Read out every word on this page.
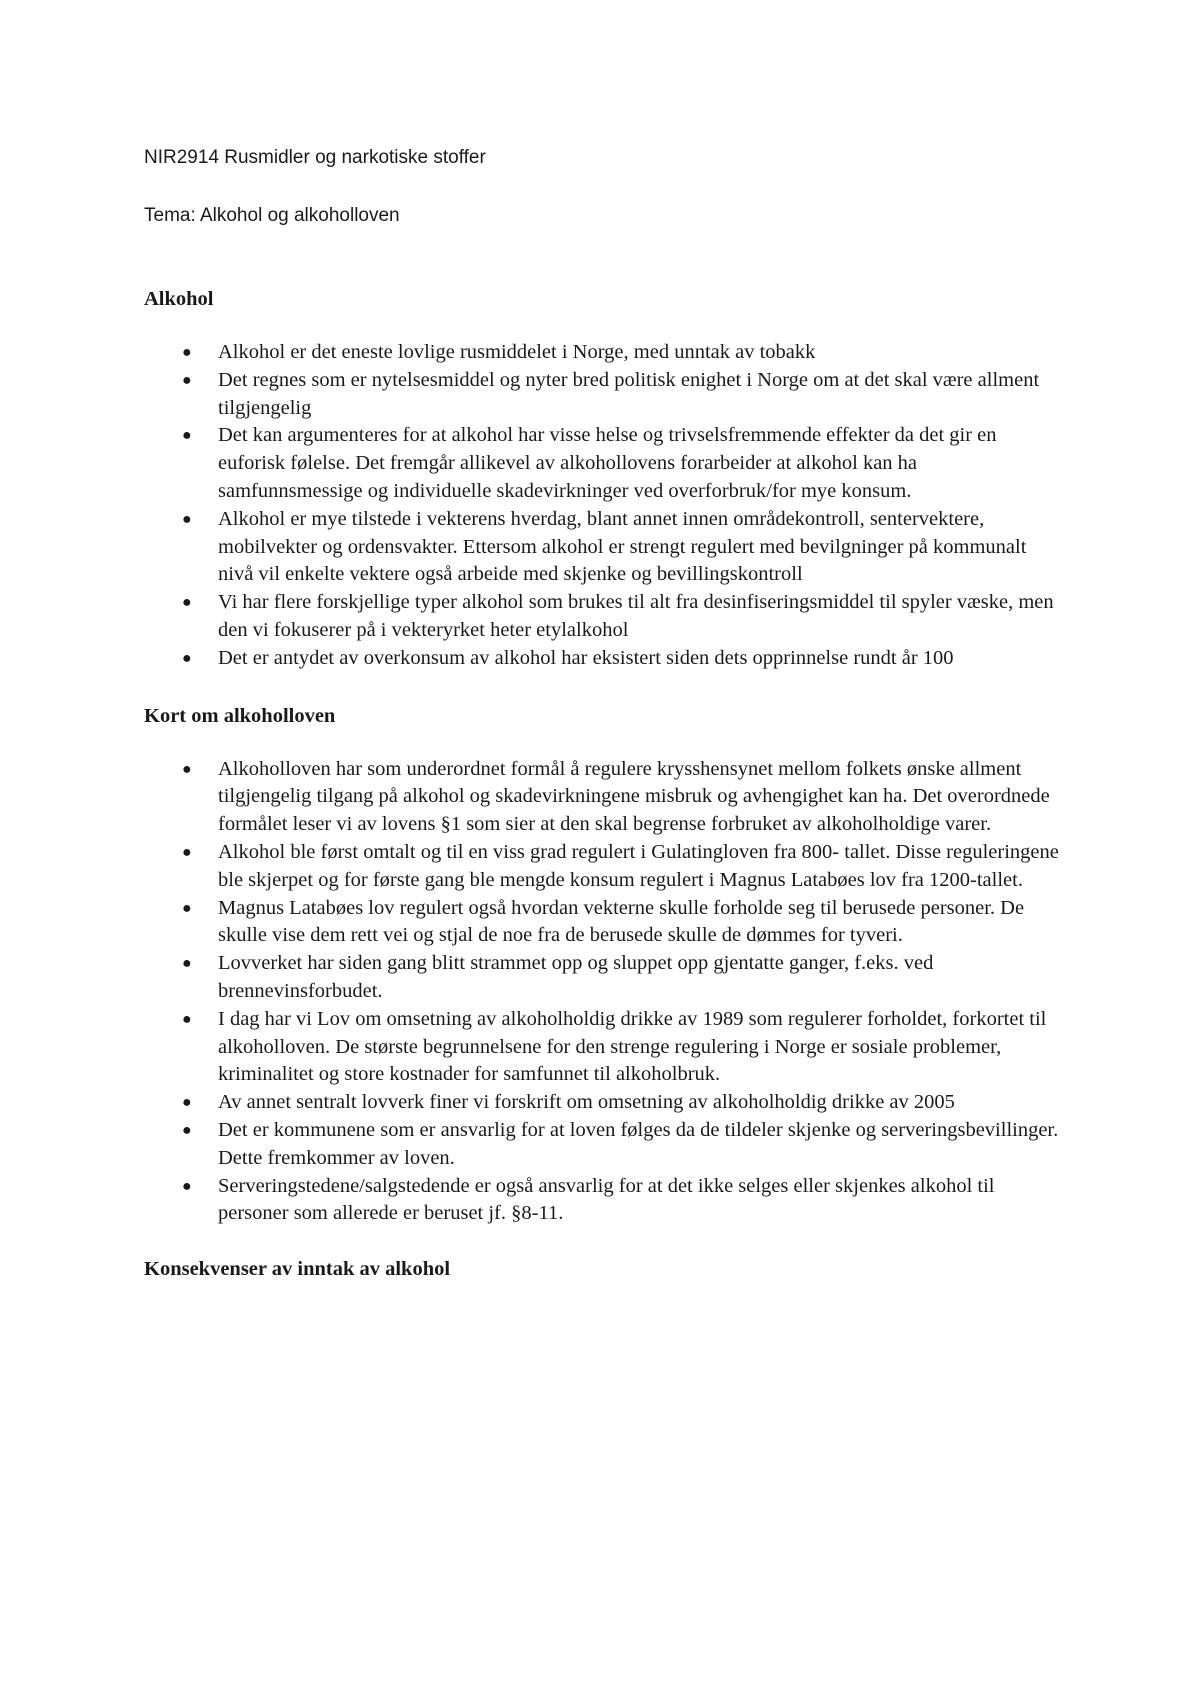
NIR2914 Rusmidler og narkotiske stoffer

Tema: Alkohol og alkoholloven

Alkohol
● Alkohol er det eneste lovlige rusmiddelet i Norge, med unntak av tobakk
● Det regnes som er nytelsesmiddel og nyter bred politisk enighet i Norge om at det skal være allment tilgjengelig
● Det kan argumenteres for at alkohol har visse helse og trivselsfremmende effekter da det gir en euforisk følelse. Det fremgår allikevel av alkohollovens forarbeider at alkohol kan ha samfunnsmessige og individuelle skadevirkninger ved overforbruk/for mye konsum.
● Alkohol er mye tilstede i vekterens hverdag, blant annet innen områdekontroll, sentervektere, mobilvekter og ordensvakter. Ettersom alkohol er strengt regulert med bevilgninger på kommunalt nivå vil enkelte vektere også arbeide med skjenke og bevillingskontroll
● Vi har flere forskjellige typer alkohol som brukes til alt fra desinfiseringsmiddel til spyler væske, men den vi fokuserer på i vekteryrket heter etylalkohol
● Det er antydet av overkonsum av alkohol har eksistert siden dets opprinnelse rundt år 100
Kort om alkoholloven
● Alkoholloven har som underordnet formål å regulere krysshensynet mellom folkets ønske allment tilgjengelig tilgang på alkohol og skadevirkningene misbruk og avhengighet kan ha. Det overordnede formålet leser vi av lovens §1 som sier at den skal begrense forbruket av alkoholholdige varer.
● Alkohol ble først omtalt og til en viss grad regulert i Gulatingloven fra 800- tallet. Disse reguleringene ble skjerpet og for første gang ble mengde konsum regulert i Magnus Latabøes lov fra 1200-tallet.
● Magnus Latabøes lov regulert også hvordan vekterne skulle forholde seg til berusede personer. De skulle vise dem rett vei og stjal de noe fra de berusede skulle de dømmes for tyveri.
● Lovverket har siden gang blitt strammet opp og sluppet opp gjentatte ganger, f.eks. ved brennevinsforbudet.
● I dag har vi Lov om omsetning av alkoholholdig drikke av 1989 som regulerer forholdet, forkortet til alkoholloven. De største begrunnelsene for den strenge regulering i Norge er sosiale problemer, kriminalitet og store kostnader for samfunnet til alkoholbruk.
● Av annet sentralt lovverk finer vi forskrift om omsetning av alkoholholdig drikke av 2005
● Det er kommunene som er ansvarlig for at loven følges da de tildeler skjenke og serveringsbevillinger. Dette fremkommer av loven.
● Serveringstedene/salgstedende er også ansvarlig for at det ikke selges eller skjenkes alkohol til personer som allerede er beruset jf. §8-11.
Konsekvenser av inntak av alkohol
